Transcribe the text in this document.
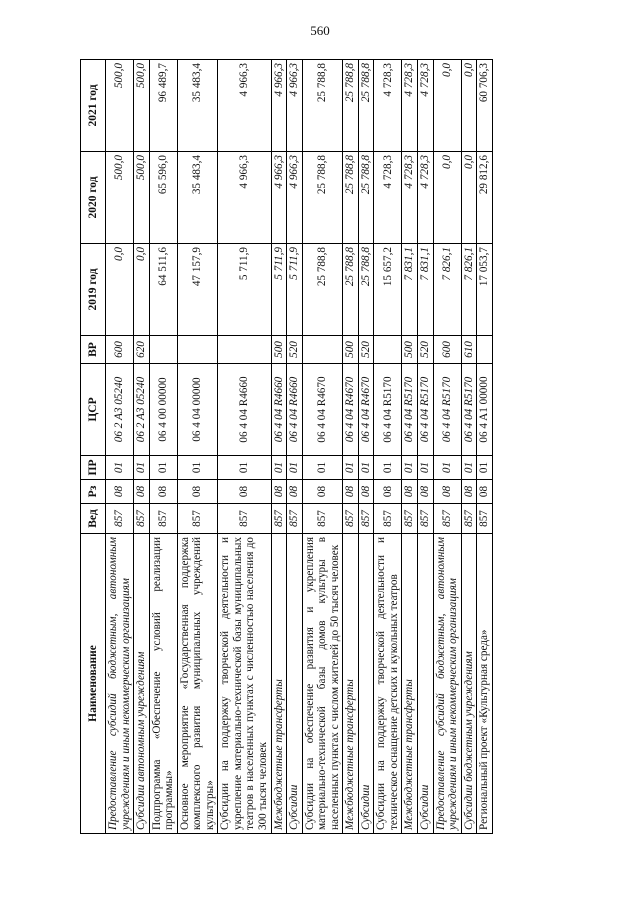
560
Наименование	Вед	Рз	ПР	ЦСР	ВР	2019 год	2020 год	2021 год
Предоставление субсидий бюджетным, автономным учреждениям и иным некоммерческим организациям	857	08	01	06 2 A3 05240	600	0,0	500,0	500,0
Субсидии автономным учреждениям	857	08	01	06 2 A3 05240	620	0,0	500,0	500,0
Подпрограмма «Обеспечение условий реализации программы»	857	08	01	06 4 00 00000		64 511,6	65 596,0	96 489,7
Основное мероприятие «Государственная поддержка комплексного развития муниципальных учреждений культуры»	857	08	01	06 4 04 00000		47 157,9	35 483,4	35 483,4
Субсидии на поддержку творческой деятельности и укрепление материально-технической базы муниципальных театров в населенных пунктах с численностью населения до 300 тысяч человек	857	08	01	06 4 04 R4660		5 711,9	4 966,3	4 966,3
Межбюджетные трансферты	857	08	01	06 4 04 R4660	500	5 711,9	4 966,3	4 966,3
Субсидии	857	08	01	06 4 04 R4660	520	5 711,9	4 966,3	4 966,3
Субсидии на обеспечение развития и укрепления материально-технической базы домов культуры в населенных пунктах с числом жителей до 50 тысяч человек	857	08	01	06 4 04 R4670		25 788,8	25 788,8	25 788,8
Межбюджетные трансферты	857	08	01	06 4 04 R4670	500	25 788,8	25 788,8	25 788,8
Субсидии	857	08	01	06 4 04 R4670	520	25 788,8	25 788,8	25 788,8
Субсидии на поддержку творческой деятельности и техническое оснащение детских и кукольных театров	857	08	01	06 4 04 R5170		15 657,2	4 728,3	4 728,3
Межбюджетные трансферты	857	08	01	06 4 04 R5170	500	7 831,1	4 728,3	4 728,3
Субсидии	857	08	01	06 4 04 R5170	520	7 831,1	4 728,3	4 728,3
Предоставление субсидий бюджетным, автономным учреждениям и иным некоммерческим организациям	857	08	01	06 4 04 R5170	600	7 826,1	0,0	0,0
Субсидии бюджетным учреждениям	857	08	01	06 4 04 R5170	610	7 826,1	0,0	0,0
Региональный проект «Культурная среда»	857	08	01	06 4 A1 00000		17 053,7	29 812,6	60 706,3
